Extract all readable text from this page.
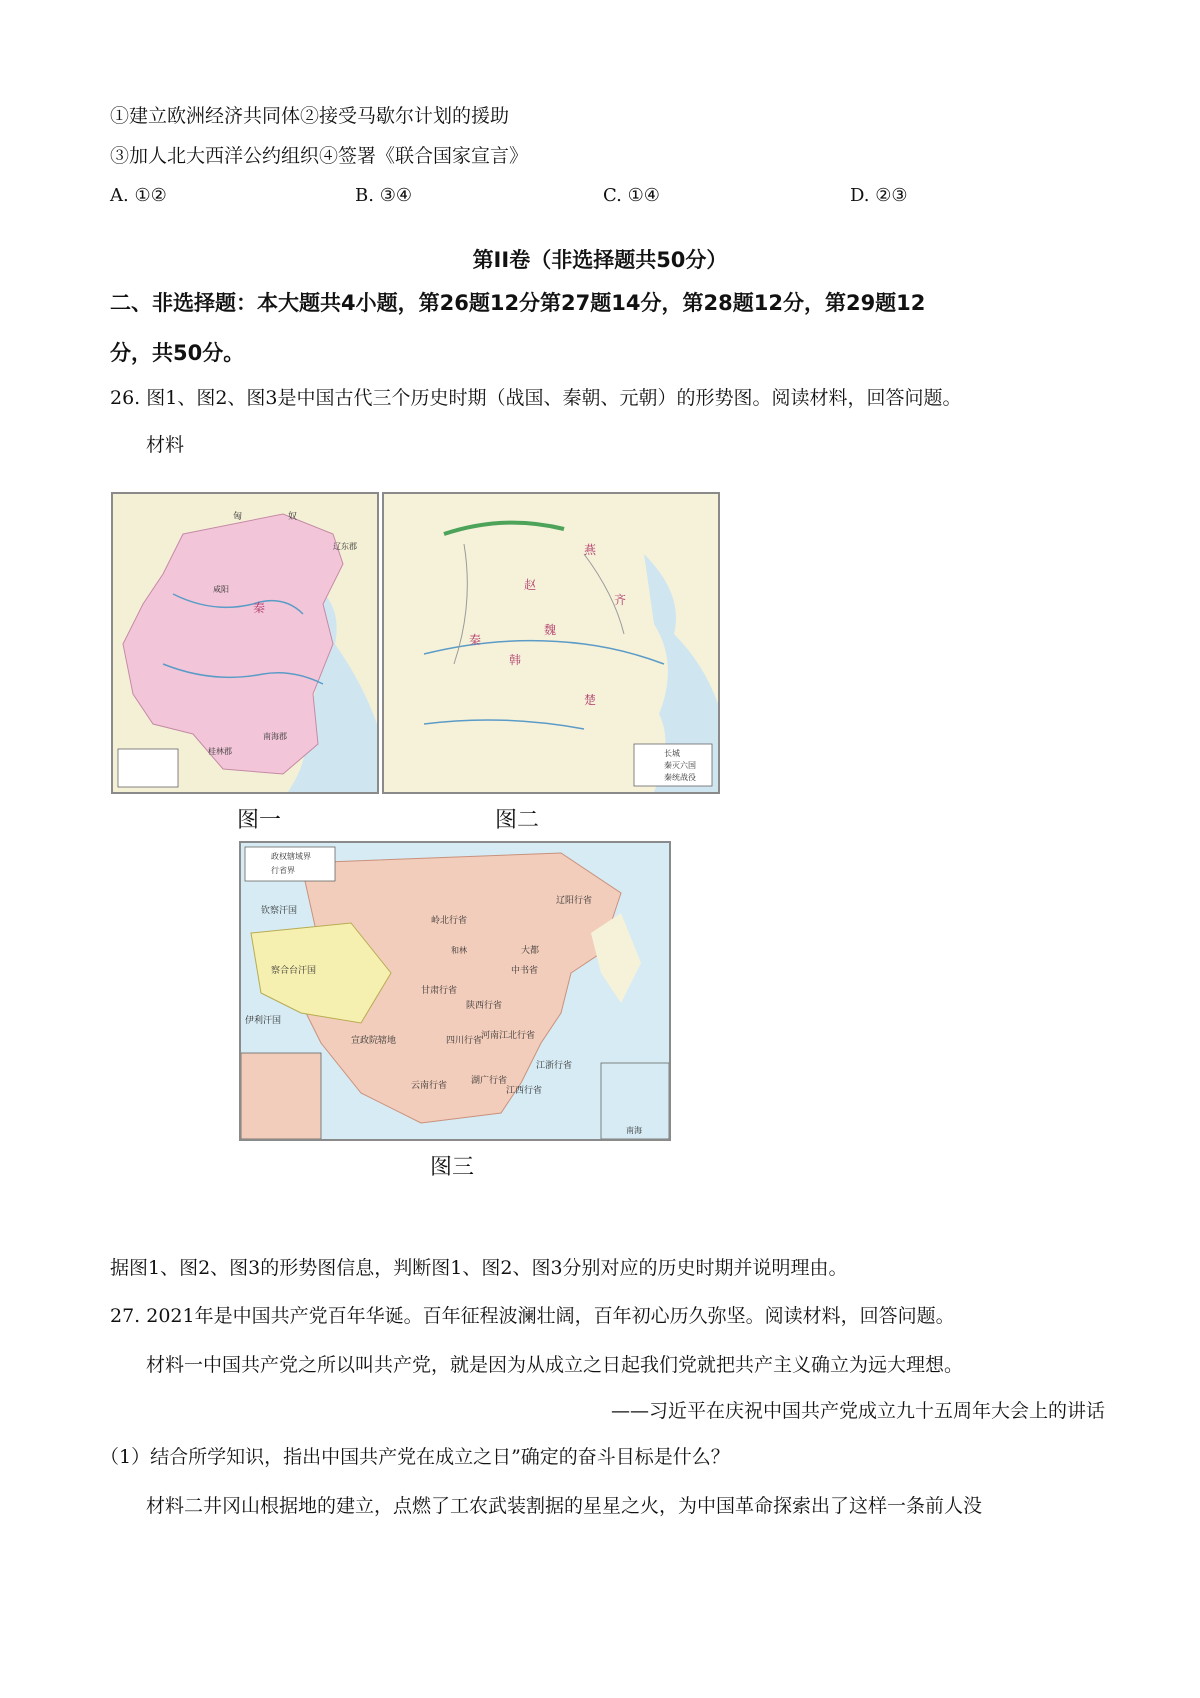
①建立欧洲经济共同体②接受马歇尔计划的援助
③加人北大西洋公约组织④签署《联合国家宣言》
A. ①②	B. ③④	C. ①④	D. ②③
第II卷（非选择题共50分）
二、非选择题：本大题共4小题，第26题12分第27题14分，第28题12分，第29题12
分，共50分。
26. 图1、图2、图3是中国古代三个历史时期（战国、秦朝、元朝）的形势图。阅读材料，回答问题。
材料
匈	奴
秦
咸阳
桂林郡
南海郡
辽东郡	燕
赵
秦
魏
韩
齐
楚
长城
秦灭六国
秦统战役
图一	图二
政权辖域界
行省界
岭北行省
辽阳行省
甘肃行省
中书省
河南江北行省
四川行省
陕西行省
云南行省	湖广行省
江浙行省
江西行省
宣政院辖地
钦察汗国
察合台汗国
伊利汗国
大都
南海
和林
图三
据图1、图2、图3的形势图信息，判断图1、图2、图3分别对应的历史时期并说明理由。
27. 2021年是中国共产党百年华诞。百年征程波澜壮阔，百年初心历久弥坚。阅读材料，回答问题。
材料一中国共产党之所以叫共产党，就是因为从成立之日起我们党就把共产主义确立为远大理想。
——习近平在庆祝中国共产党成立九十五周年大会上的讲话
（1）结合所学知识，指出中国共产党在成立之日”确定的奋斗目标是什么？
材料二井冈山根据地的建立，点燃了工农武装割据的星星之火，为中国革命探索出了这样一条前人没
